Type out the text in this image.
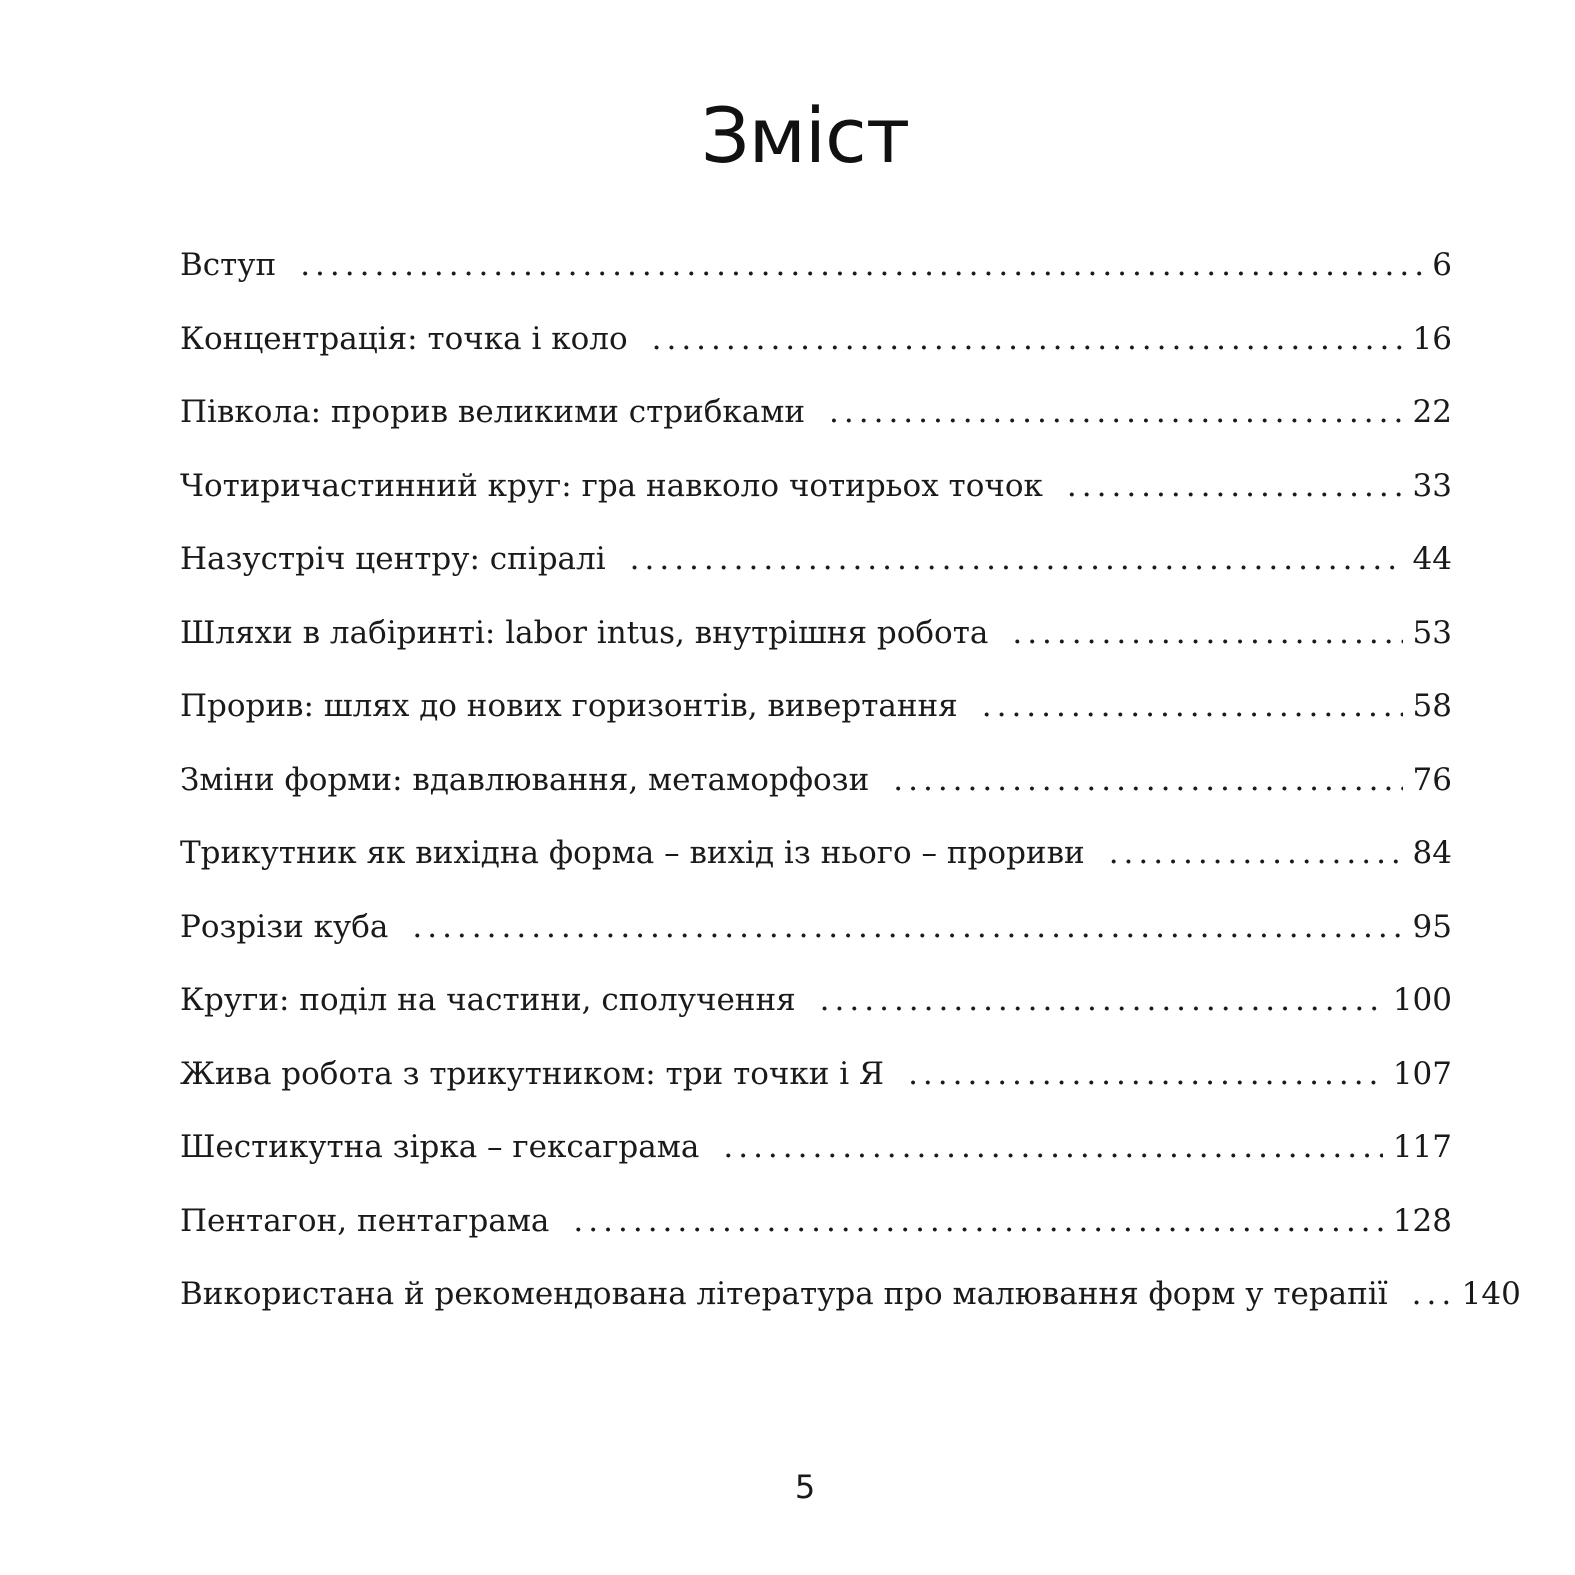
Зміст
Вступ .....	6
Концентрація: точка і коло .....	16
Півкола: прорив великими стрибками .....	22
Чотиричастинний круг: гра навколо чотирьох точок .....	33
Назустріч центру: спіралі .....	44
Шляхи в лабіринті: labor intus, внутрішня робота .....	53
Прорив: шлях до нових горизонтів, вивертання .....	58
Зміни форми: вдавлювання, метаморфози .....	76
Трикутник як вихідна форма – вихід із нього – прориви .....	84
Розрізи куба .....	95
Круги: поділ на частини, сполучення .....	100
Жива робота з трикутником: три точки і Я .....	107
Шестикутна зірка – гексаграма .....	117
Пентагон, пентаграма .....	128
Використана й рекомендована література про малювання форм у терапії .....	140
5
